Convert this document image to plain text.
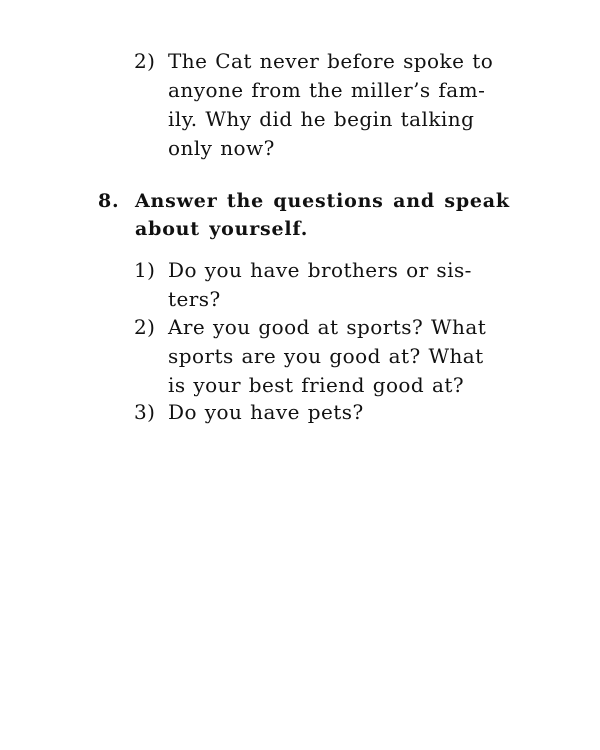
2) The Cat never before spoke to
anyone from the miller’s fam-
ily. Why did he begin talking
only now?
8. Answer the questions and speak
about yourself.
1) Do you have brothers or sis-
ters?
2) Are you good at sports? What
sports are you good at? What
is your best friend good at?
3) Do you have pets?
